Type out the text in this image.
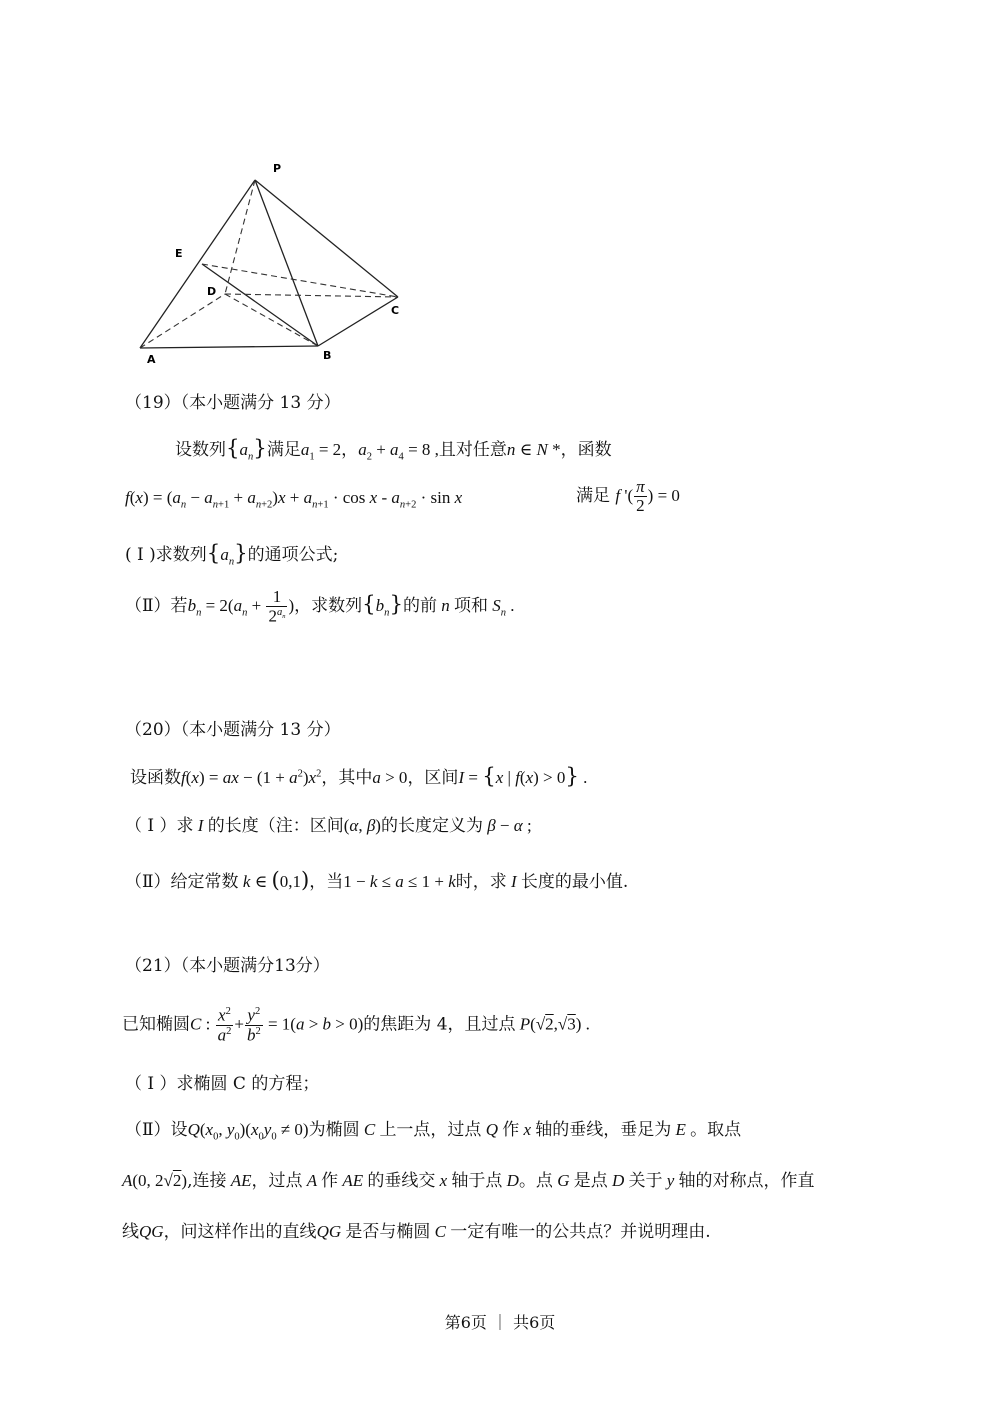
P
E
D
C
A	B
（19）（本小题满分 13 分）
设数列$\{a_n\}$满足$a_1 = 2$，$a_2 + a_4 = 8$ ,且对任意n ∈ N *，函数
$f(x) = (a_n - a_{n+1} + a_{n+2})x + a_{n+1} \cdot \cos x - a_{n+2} \cdot \sin x$	满足 f '( $\frac{\pi}{2}$ ) = 0
( Ⅰ )求数列$\{a_n\}$的通项公式;
（Ⅱ）若$b_n = 2(a_n + \frac{1}{2^{a_n}}$ )，求数列$\{b_n\}$的前 n 项和 $S_n$ .
（20）（本小题满分 13 分）
设函数f(x) = ax − $(1 + a^2)x^2$，其中a > 0，区间I = {x | f(x) > 0} .
（ Ⅰ ）求 I 的长度（注：区间(α, β)的长度定义为 β − α ;
（Ⅱ）给定常数 k ∈ (0,1)，当1 − k ≤ a ≤ 1 + k时，求 I 长度的最小值.
（21）（本小题满分13分）
已知椭圆C : $\frac{x^2}{a^2} + \frac{y^2}{b^2} = 1(a > b > 0)$的焦距为 4，且过点 P(√2,√3) .
（ Ⅰ ）求椭圆 C 的方程；
（Ⅱ）设$Q(x_0$, $y_0)(x_0y_0 \ne 0)$为椭圆 C 上一点，过点 Q 作 x 轴的垂线，垂足为 E 。取点
A(0, 2√2),连接 AE，过点 A 作 AE 的垂线交 x 轴于点 D。点 G 是点 D 关于 y 轴的对称点，作直
线QG，问这样作出的直线QG 是否与椭圆 C 一定有唯一的公共点？并说明理由.
第6页 ｜ 共6页
